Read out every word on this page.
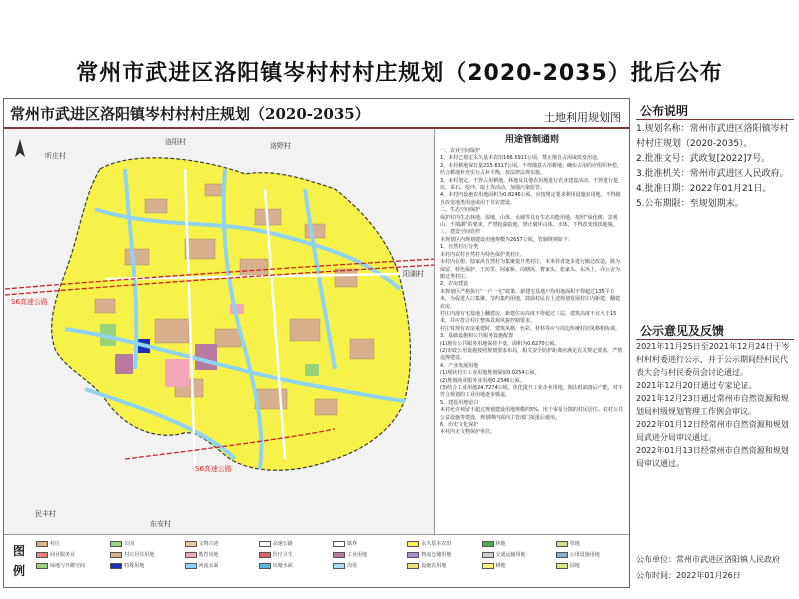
常州市武进区洛阳镇岑村村村庄规划（2020-2035）批后公布
常州市武进区洛阳镇岑村村村庄规划（2020-2035）	土地利用规划图
洛阳村	洛野村
听庄村
阳湖村
民丰村
东安村
S6高速公路
S6高速公路
用途管制通则
一、农业空间保护
1、本村已划定永久基本农田166.5911公顷，禁止擅自占用或改变用途。
2、本村耕地保有量215.6317公顷，不得随意占用耕地；确实占用的应组织补偿，结合耕地补充实行占补平衡，按法律法规实施。
3、本村划定，不得占用耕地。林地及其他农用地进行农业建设活动，不得进行挖坑、采石、挖沙、取土等活动。加强污染监管。
4、本村内设施农用地面积为0.8246公顷，应按规定要求利用设施农用地，不得擅自改变地类用途或用于非农建设。
二、生态空间保护
保护村内生态林地、湿地、山体、水域等具有生态功能用地，按照“绿化树、景观山、不填湖”的要求，严禁挖湖造地，禁止破坏山体、水体，不得改变现状地貌。
三、建设空间管控
本规划区内规划建设用地规模为2657公顷，管制规则如下：
1、自然村庄分类
本村内农村自然村为特色保护类村庄。
本村内在册、陆家浜自然村为集聚提升类村庄，本米祥者逐步进行搬迁改造，路为保留、特色保护、王坊里、阿家桥、岗塘浜、曹家头、张家头、东浜上、乔公舍为搬迁类村庄。
2、农房建设
本规划区严格执行“一户一宅”政策，新建宅基地户均用地面积不得超过135平方米，为促进人口集聚，节约集约用地，鼓励村民在上述规划发展村庄内新建，翻建农房。
村庄内现有宅基地上翻建房，新建住房高度不得超过三层。建筑高度不宜大于15米，并应符合村庄整体景观风貌控制要求。
村庄对现有农房重建时，建筑风格、色彩、材料等应与周边传统村居风格相协调。
3、基础设施和公共服务设施配置
(1)现有公共服务用地保持不变，面积为0.6270公顷。
(2)市政公用设施按照规划要求布局，相关安全防护距离应满足有关规定要求，严禁违规建设。
4、产业发展用地
(1)现状村庄工业用地规划保留0.0254公顷。
(2)规划商业服务业用地0.2346公顷。
(3)结合工业用地24.7274公顷，优化提升工业企业用地，淘汰低端落后产能，对不符合规划的工业用地逐步腾退。
5、建设用地留白
本村允许预留不超过规划建设用地规模的5%，用于零星分散的村民居住、农村公共公益设施等建设，规划期内需向主管部门报批后使用。
6、历史文化保护
本村内无文物保护单位。
图例
村庄	公园	文物古迹	高速公路	镇界	永久基本农田	林地	草地
商业服务业	村庄居住用地	教育用地	医疗卫生	工业用地	物流仓储用地	交通运输用地	公用设施用地
绿地与开敞空间	特殊用地	河流水面	坑塘水面	沟渠	设施农用地	耕地	园地
公布说明

1.规划名称：常州市武进区洛阳镇岑村村村庄规划（2020-2035）。

2.批准文号：武政复[2022]7号。

3.批准机关：常州市武进区人民政府。

4.批准日期：2022年01月21日。

5.公布期限：至规划期末。

公示意见及反馈

2021年11月25日至2021年12月24日于岑村村村委进行公示，并于公示期间经村民代表大会与村民委员会讨论通过。

2021年12月20日通过专家论证。

2021年12月23日通过常州市自然资源和规划局村级规划管理工作例会审议。

2022年01月12日经常州市自然资源和规划局武进分局审议通过。

2022年01月13日经常州市自然资源和规划局审议通过。

公布单位：常州市武进区洛阳镇人民政府
公布时间：2022年01月26日
